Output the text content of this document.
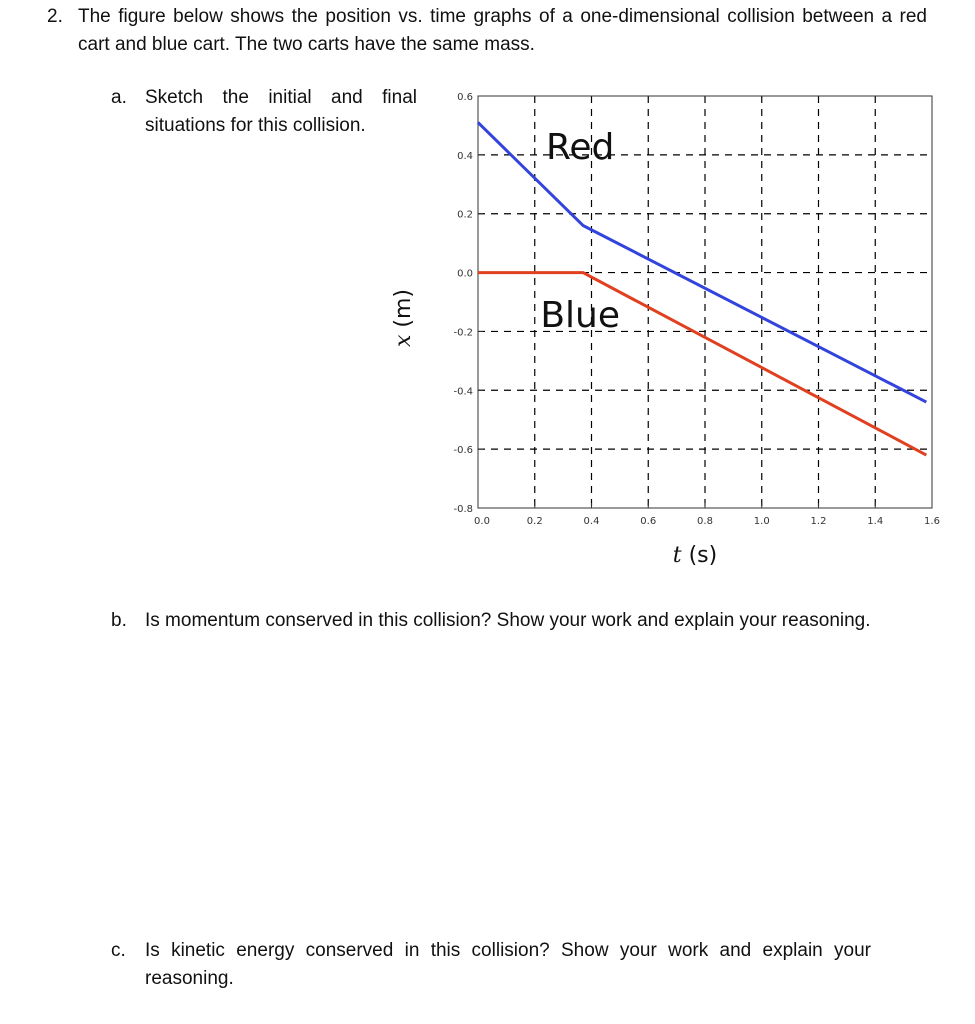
2. The figure below shows the position vs. time graphs of a one-dimensional collision between a red cart and blue cart. The two carts have the same mass.
a. Sketch the initial and final situations for this collision.
0.0	0.2	0.4	0.6	0.8	1.0	1.2	1.4	1.6
0.6
0.4
0.2
0.0
-0.2
-0.4
-0.6
-0.8
Red
Blue
t (s)
x (m)
b. Is momentum conserved in this collision? Show your work and explain your reasoning.
c. Is kinetic energy conserved in this collision? Show your work and explain your reasoning.
